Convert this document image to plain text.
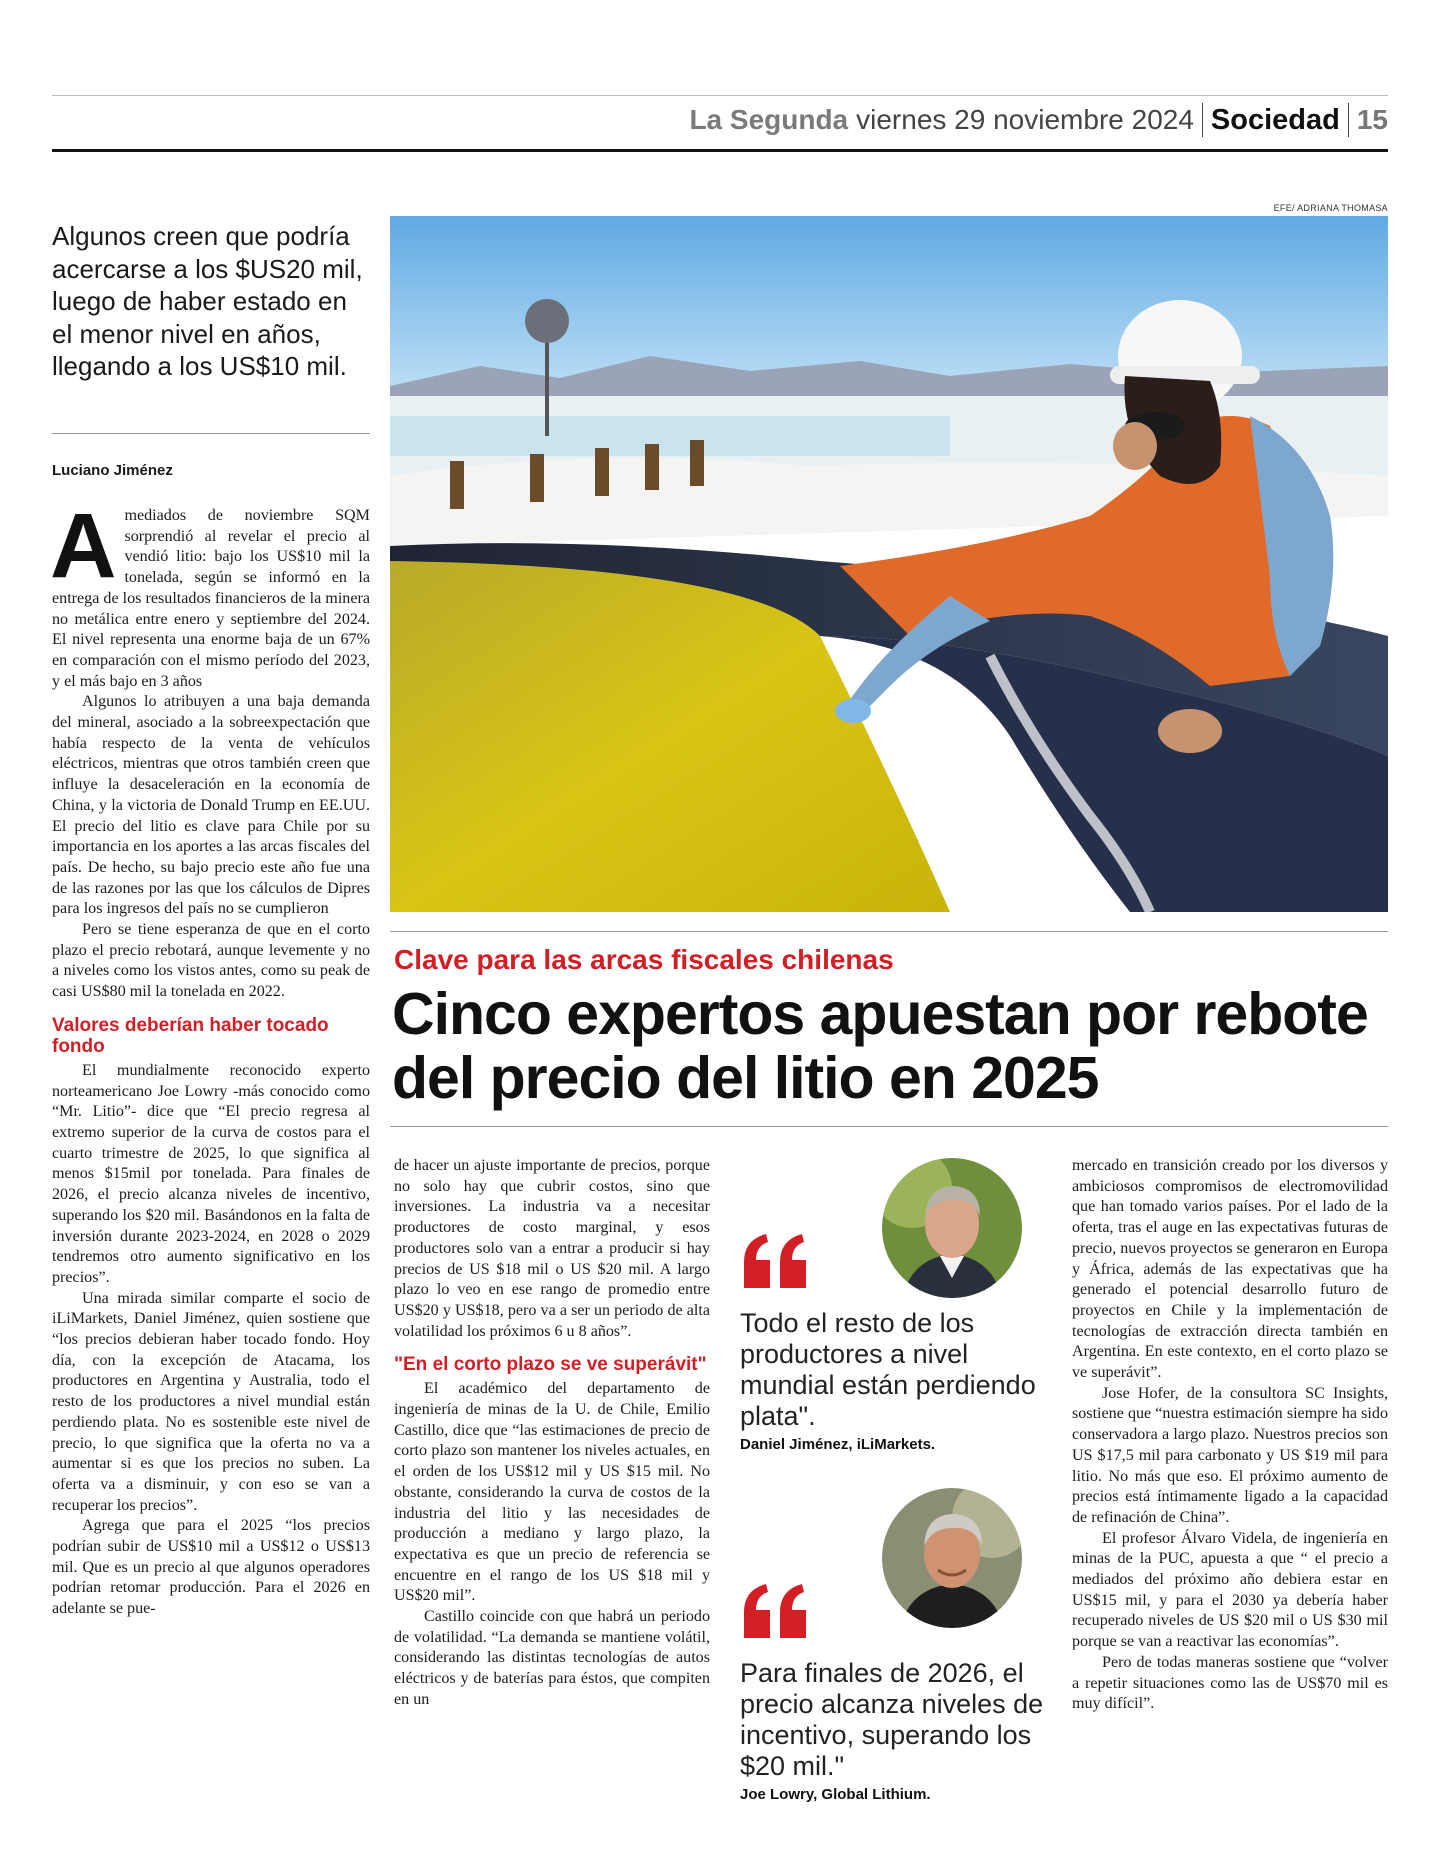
La Segunda viernes 29 noviembre 2024 Sociedad 15
EFE/ ADRIANA THOMASA
Algunos creen que podría acercarse a los $US20 mil, luego de haber estado en el menor nivel en años, llegando a los US$10 mil.
Luciano Jiménez

Amediados de noviembre SQM sorprendió al revelar el precio al vendió litio: bajo los US$10 mil la tonelada, según se informó en la entrega de los resultados financieros de la minera no metálica entre enero y septiembre del 2024. El nivel representa una enorme baja de un 67% en comparación con el mismo período del 2023, y el más bajo en 3 años

Algunos lo atribuyen a una baja demanda del mineral, asociado a la sobreexpectación que había respecto de la venta de vehículos eléctricos, mientras que otros también creen que influye la desaceleración en la economía de China, y la victoria de Donald Trump en EE.UU. El precio del litio es clave para Chile por su importancia en los aportes a las arcas fiscales del país. De hecho, su bajo precio este año fue una de las razones por las que los cálculos de Dipres para los ingresos del país no se cumplieron

Pero se tiene esperanza de que en el corto plazo el precio rebotará, aunque levemente y no a niveles como los vistos antes, como su peak de casi US$80 mil la tonelada en 2022.

Valores deberían haber tocado fondo

El mundialmente reconocido experto norteamericano Joe Lowry -más conocido como “Mr. Litio”- dice que “El precio regresa al extremo superior de la curva de costos para el cuarto trimestre de 2025, lo que significa al menos $15mil por tonelada. Para finales de 2026, el precio alcanza niveles de incentivo, superando los $20 mil. Basándonos en la falta de inversión durante 2023-2024, en 2028 o 2029 tendremos otro aumento significativo en los precios”.

Una mirada similar comparte el socio de iLiMarkets, Daniel Jiménez, quien sostiene que “los precios debieran haber tocado fondo. Hoy día, con la excepción de Atacama, los productores en Argentina y Australia, todo el resto de los productores a nivel mundial están perdiendo plata. No es sostenible este nivel de precio, lo que significa que la oferta no va a aumentar si es que los precios no suben. La oferta va a disminuir, y con eso se van a recuperar los precios”.

Agrega que para el 2025 “los precios podrían subir de US$10 mil a US$12 o US$13 mil. Que es un precio al que algunos operadores podrían retomar producción. Para el 2026 en adelante se pue-

Clave para las arcas fiscales chilenas
Cinco expertos apuestan por rebote del precio del litio en 2025

de hacer un ajuste importante de precios, porque no solo hay que cubrir costos, sino que inversiones. La industria va a necesitar productores de costo marginal, y esos productores solo van a entrar a producir si hay precios de US $18 mil o US $20 mil. A largo plazo lo veo en ese rango de promedio entre US$20 y US$18, pero va a ser un periodo de alta volatilidad los próximos 6 u 8 años”.

"En el corto plazo se ve superávit"

El académico del departamento de ingeniería de minas de la U. de Chile, Emilio Castillo, dice que “las estimaciones de precio de corto plazo son mantener los niveles actuales, en el orden de los US$12 mil y US $15 mil. No obstante, considerando la curva de costos de la industria del litio y las necesidades de producción a mediano y largo plazo, la expectativa es que un precio de referencia se encuentre en el rango de los US $18 mil y US$20 mil”.

Castillo coincide con que habrá un periodo de volatilidad. “La demanda se mantiene volátil, considerando las distintas tecnologías de autos eléctricos y de baterías para éstos, que compiten en un

Todo el resto de los productores a nivel mundial están perdiendo plata".
Daniel Jiménez, iLiMarkets.
Para finales de 2026, el precio alcanza niveles de incentivo, superando los $20 mil."
Joe Lowry, Global Lithium.

mercado en transición creado por los diversos y ambiciosos compromisos de electromovilidad que han tomado varios países. Por el lado de la oferta, tras el auge en las expectativas futuras de precio, nuevos proyectos se generaron en Europa y África, además de las expectativas que ha generado el potencial desarrollo futuro de proyectos en Chile y la implementación de tecnologías de extracción directa también en Argentina. En este contexto, en el corto plazo se ve superávit”.

Jose Hofer, de la consultora SC Insights, sostiene que “nuestra estimación siempre ha sido conservadora a largo plazo. Nuestros precios son US $17,5 mil para carbonato y US $19 mil para litio. No más que eso. El próximo aumento de precios está íntimamente ligado a la capacidad de refinación de China”.

El profesor Álvaro Videla, de ingeniería en minas de la PUC, apuesta a que “ el precio a mediados del próximo año debiera estar en US$15 mil, y para el 2030 ya debería haber recuperado niveles de US $20 mil o US $30 mil porque se van a reactivar las economías”.

Pero de todas maneras sostiene que “volver a repetir situaciones como las de US$70 mil es muy difícil”.
